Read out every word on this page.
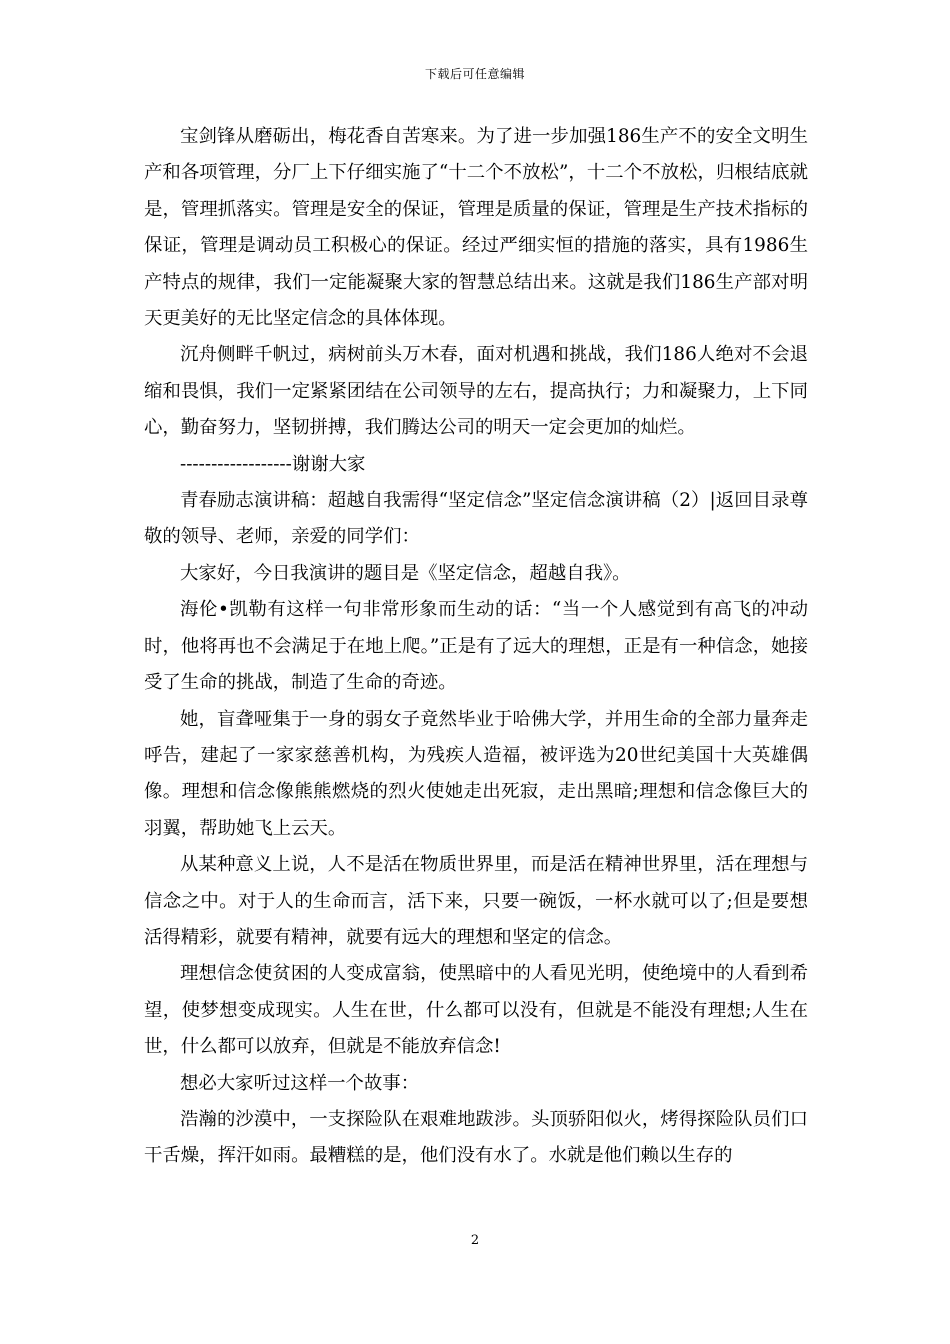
下载后可任意编辑

宝剑锋从磨砺出，梅花香自苦寒来。为了进一步加强186生产不的安全文明生产和各项管理，分厂上下仔细实施了“十二个不放松”，十二个不放松，归根结底就是，管理抓落实。管理是安全的保证，管理是质量的保证，管理是生产技术指标的保证，管理是调动员工积极心的保证。经过严细实恒的措施的落实，具有1986生产特点的规律，我们一定能凝聚大家的智慧总结出来。这就是我们186生产部对明天更美好的无比坚定信念的具体体现。

沉舟侧畔千帆过，病树前头万木春，面对机遇和挑战，我们186人绝对不会退缩和畏惧，我们一定紧紧团结在公司领导的左右，提高执行；力和凝聚力，上下同心，勤奋努力，坚韧拼搏，我们腾达公司的明天一定会更加的灿烂。

------------------谢谢大家

青春励志演讲稿：超越自我需得“坚定信念”坚定信念演讲稿（2）|返回目录尊敬的领导、老师，亲爱的同学们：

大家好，今日我演讲的题目是《坚定信念，超越自我》。

海伦•凯勒有这样一句非常形象而生动的话：“当一个人感觉到有高飞的冲动时，他将再也不会满足于在地上爬。”正是有了远大的理想，正是有一种信念，她接受了生命的挑战，制造了生命的奇迹。

她，盲聋哑集于一身的弱女子竟然毕业于哈佛大学，并用生命的全部力量奔走呼告，建起了一家家慈善机构，为残疾人造福，被评选为20世纪美国十大英雄偶像。理想和信念像熊熊燃烧的烈火使她走出死寂，走出黑暗;理想和信念像巨大的羽翼，帮助她飞上云天。

从某种意义上说，人不是活在物质世界里，而是活在精神世界里，活在理想与信念之中。对于人的生命而言，活下来，只要一碗饭，一杯水就可以了;但是要想活得精彩，就要有精神，就要有远大的理想和坚定的信念。

理想信念使贫困的人变成富翁，使黑暗中的人看见光明，使绝境中的人看到希望，使梦想变成现实。人生在世，什么都可以没有，但就是不能没有理想;人生在世，什么都可以放弃，但就是不能放弃信念!

想必大家听过这样一个故事：

浩瀚的沙漠中，一支探险队在艰难地跋涉。头顶骄阳似火，烤得探险队员们口干舌燥，挥汗如雨。最糟糕的是，他们没有水了。水就是他们赖以生存的

2
